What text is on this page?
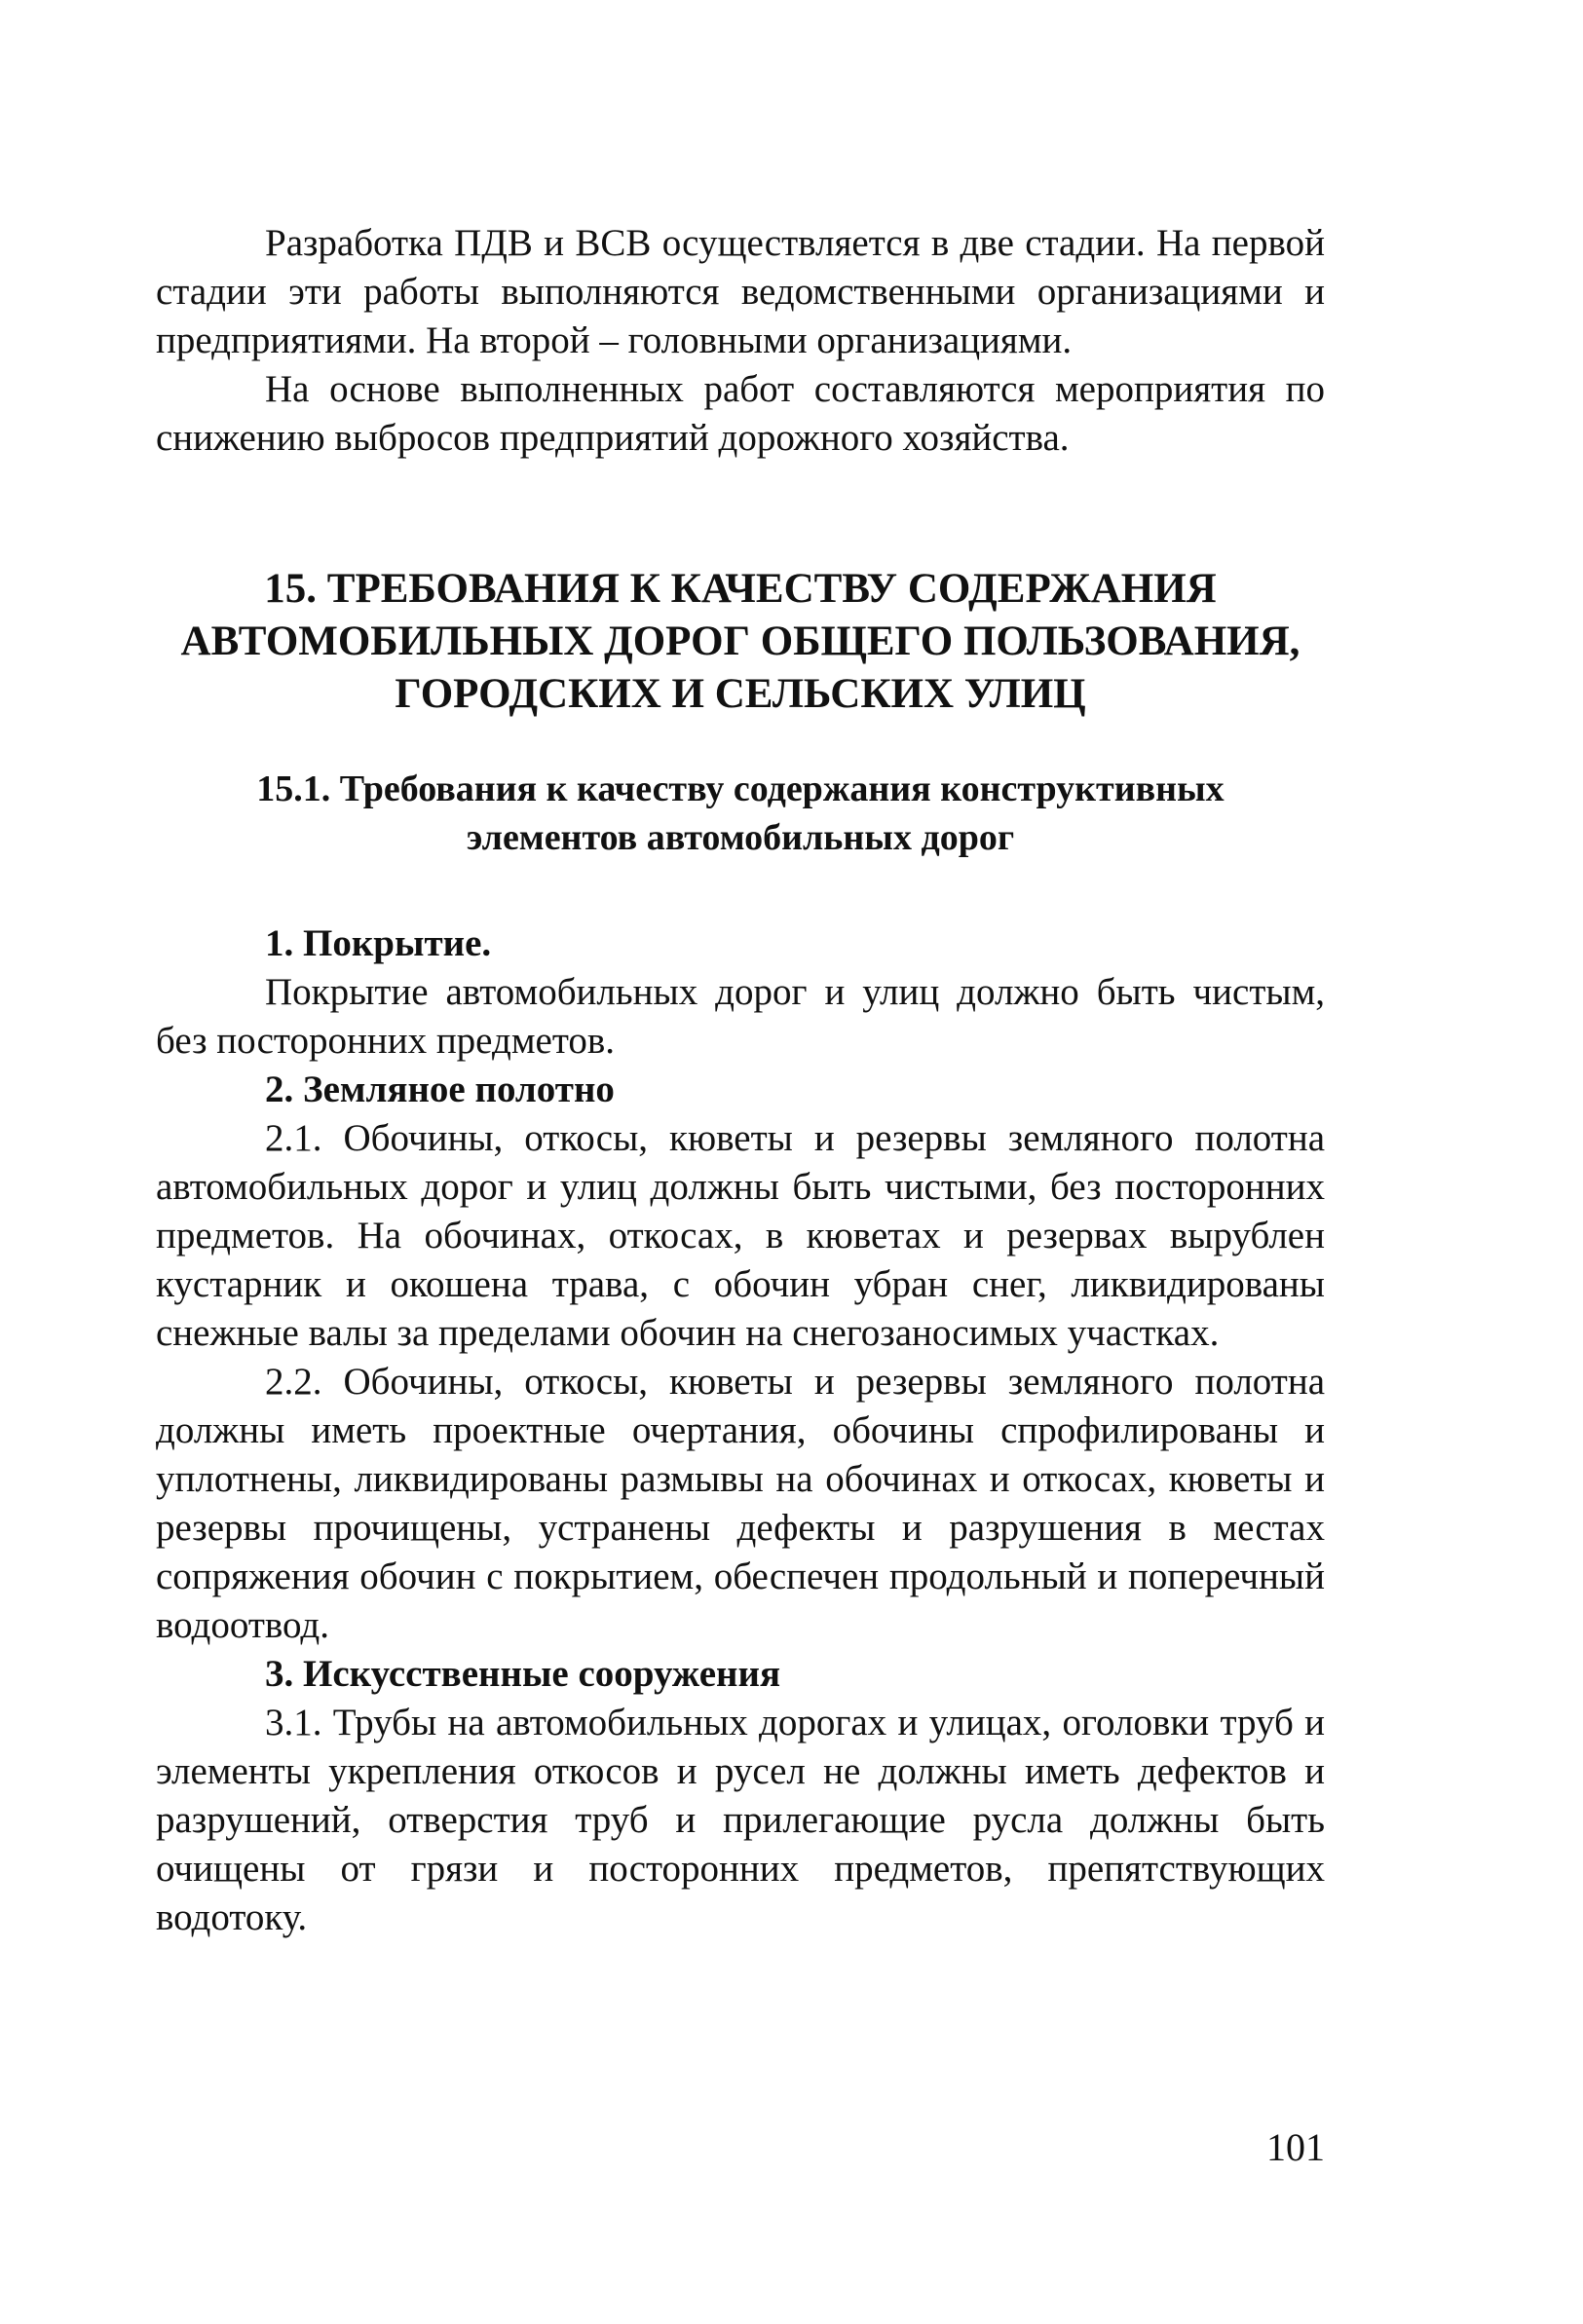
Разработка ПДВ и ВСВ осуществляется в две стадии. На первой стадии эти работы выполняются ведомственными организациями и предприятиями. На второй – головными организациями.

На основе выполненных работ составляются мероприятия по снижению выбросов предприятий дорожного хозяйства.

15. ТРЕБОВАНИЯ К КАЧЕСТВУ СОДЕРЖАНИЯ

АВТОМОБИЛЬНЫХ ДОРОГ ОБЩЕГО ПОЛЬЗОВАНИЯ,

ГОРОДСКИХ И СЕЛЬСКИХ УЛИЦ

15.1. Требования к качеству содержания конструктивных

элементов автомобильных дорог

1. Покрытие.

Покрытие автомобильных дорог и улиц должно быть чистым, без посторонних предметов.

2. Земляное полотно

2.1. Обочины, откосы, кюветы и резервы земляного полотна автомобильных дорог и улиц должны быть чистыми, без посторонних предметов. На обочинах, откосах, в кюветах и резервах вырублен кустарник и окошена трава, с обочин убран снег, ликвидированы снежные валы за пределами обочин на снегозаносимых участках.

2.2. Обочины, откосы, кюветы и резервы земляного полотна должны иметь проектные очертания, обочины спрофилированы и уплотнены, ликвидированы размывы на обочинах и откосах, кюветы и резервы прочищены, устранены дефекты и разрушения в местах сопряжения обочин с покрытием, обеспечен продольный и поперечный водоотвод.

3. Искусственные сооружения

3.1. Трубы на автомобильных дорогах и улицах, оголовки труб и элементы укрепления откосов и русел не должны иметь дефектов и разрушений, отверстия труб и прилегающие русла должны быть очищены от грязи и посторонних предметов, препятствующих водотоку.

101
